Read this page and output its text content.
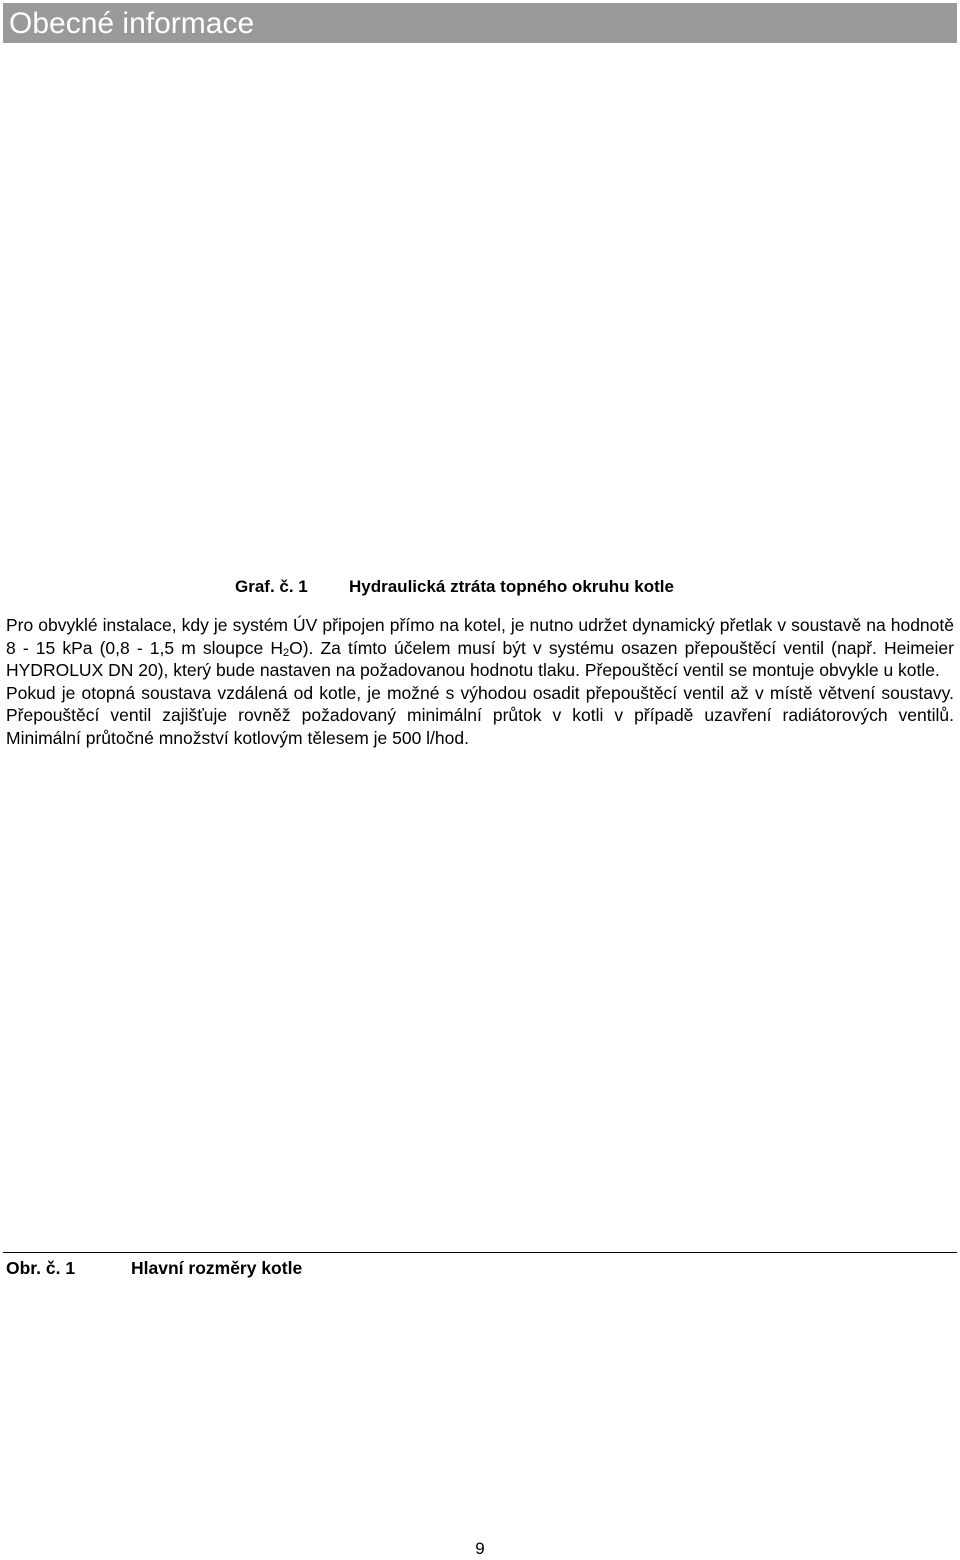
Obecné informace
Graf. č. 1 Hydraulická ztráta topného okruhu kotle

Pro obvyklé instalace, kdy je systém ÚV připojen přímo na kotel, je nutno udržet dynamický přetlak v soustavě na hodnotě 8 - 15 kPa (0,8 - 1,5 m sloupce $H_2O$). Za tímto účelem musí být v systému osazen přepouštěcí ventil (např. Heimeier HYDROLUX DN 20), který bude nastaven na požadovanou hodnotu tlaku. Přepouštěcí ventil se montuje obvykle u kotle.

Pokud je otopná soustava vzdálená od kotle, je možné s výhodou osadit přepouštěcí ventil až v místě větvení soustavy. Přepouštěcí ventil zajišťuje rovněž požadovaný minimální průtok v kotli v případě uzavření radiátorových ventilů. Minimální průtočné množství kotlovým tělesem je 500 l/hod.

Obr. č. 1	Hlavní rozměry kotle
9
